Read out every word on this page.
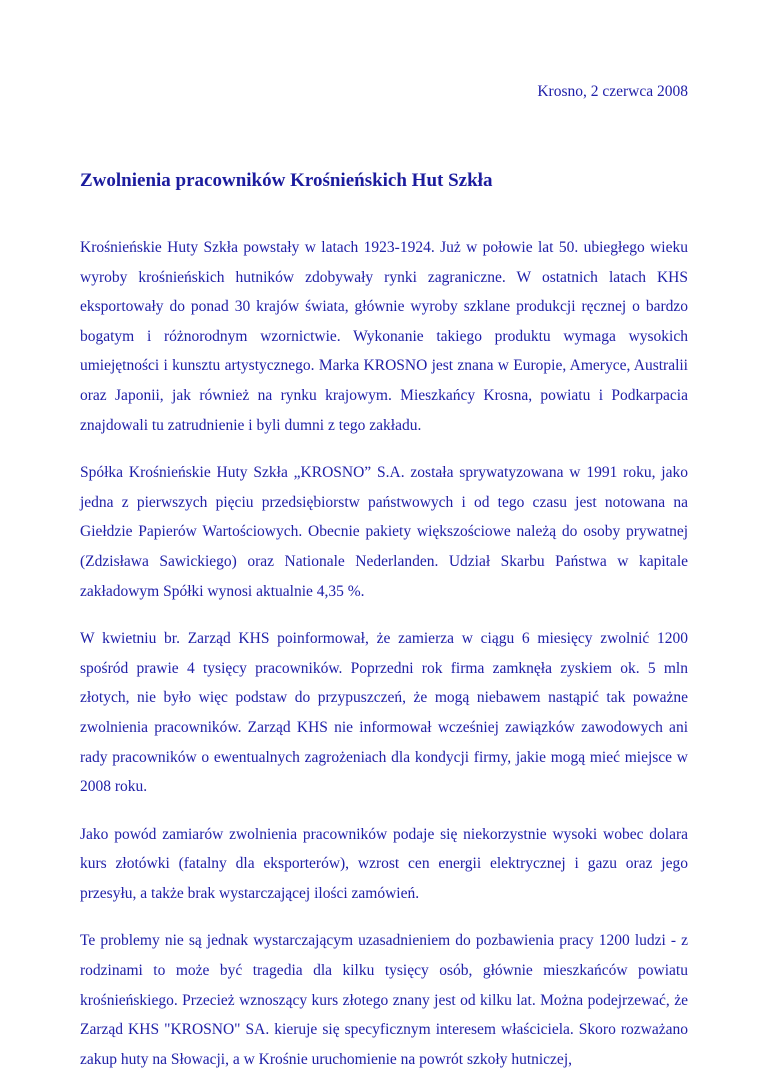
Krosno, 2 czerwca 2008
Zwolnienia pracowników Krośnieńskich Hut Szkła

Krośnieńskie Huty Szkła powstały w latach 1923-1924. Już w połowie lat 50. ubiegłego wieku wyroby krośnieńskich hutników zdobywały rynki zagraniczne. W ostatnich latach KHS eksportowały do ponad 30 krajów świata, głównie wyroby szklane produkcji ręcznej o bardzo bogatym i różnorodnym wzornictwie. Wykonanie takiego produktu wymaga wysokich umiejętności i kunsztu artystycznego. Marka KROSNO jest znana w Europie, Ameryce, Australii oraz Japonii, jak również na rynku krajowym. Mieszkańcy Krosna, powiatu i Podkarpacia znajdowali tu zatrudnienie i byli dumni z tego zakładu.

Spółka Krośnieńskie Huty Szkła „KROSNO” S.A. została sprywatyzowana w 1991 roku, jako jedna z pierwszych pięciu przedsiębiorstw państwowych i od tego czasu jest notowana na Giełdzie Papierów Wartościowych. Obecnie pakiety większościowe należą do osoby prywatnej (Zdzisława Sawickiego) oraz Nationale Nederlanden. Udział Skarbu Państwa w kapitale zakładowym Spółki wynosi aktualnie 4,35 %.

W kwietniu br. Zarząd KHS poinformował, że zamierza w ciągu 6 miesięcy zwolnić 1200 spośród prawie 4 tysięcy pracowników. Poprzedni rok firma zamknęła zyskiem ok. 5 mln złotych, nie było więc podstaw do przypuszczeń, że mogą niebawem nastąpić tak poważne zwolnienia pracowników. Zarząd KHS nie informował wcześniej zawiązków zawodowych ani rady pracowników o ewentualnych zagrożeniach dla kondycji firmy, jakie mogą mieć miejsce w 2008 roku.

Jako powód zamiarów zwolnienia pracowników podaje się niekorzystnie wysoki wobec dolara kurs złotówki (fatalny dla eksporterów), wzrost cen energii elektrycznej i gazu oraz jego przesyłu, a także brak wystarczającej ilości zamówień.

Te problemy nie są jednak wystarczającym uzasadnieniem do pozbawienia pracy 1200 ludzi - z rodzinami to może być tragedia dla kilku tysięcy osób, głównie mieszkańców powiatu krośnieńskiego. Przecież wznoszący kurs złotego znany jest od kilku lat. Można podejrzewać, że Zarząd KHS "KROSNO" SA. kieruje się specyficznym interesem właściciela. Skoro rozważano zakup huty na Słowacji, a w Krośnie uruchomienie na powrót szkoły hutniczej,
